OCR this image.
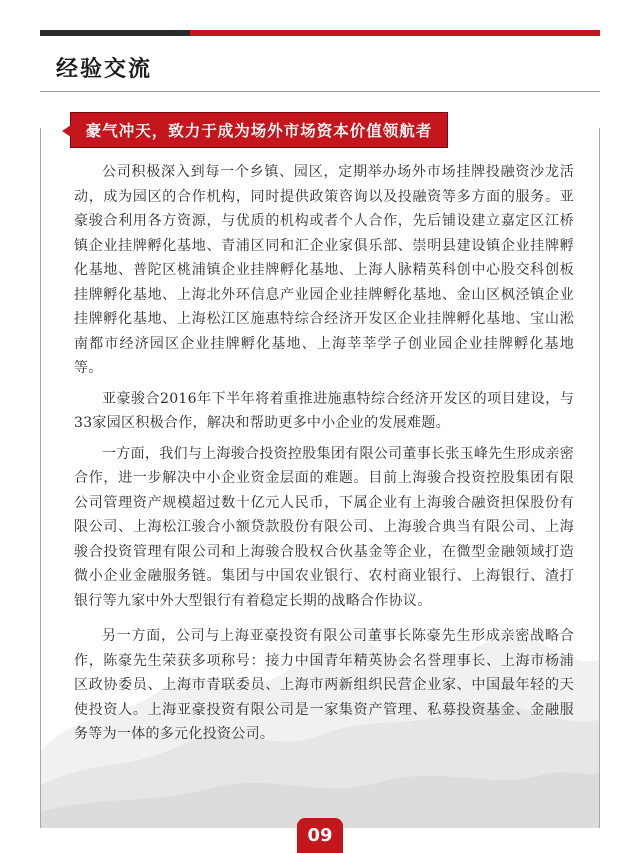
经验交流
豪气冲天，致力于成为场外市场资本价值领航者

公司积极深入到每一个乡镇、园区，定期举办场外市场挂牌投融资沙龙活动，成为园区的合作机构，同时提供政策咨询以及投融资等多方面的服务。亚豪骏合利用各方资源，与优质的机构或者个人合作，先后铺设建立嘉定区江桥镇企业挂牌孵化基地、青浦区同和汇企业家俱乐部、崇明县建设镇企业挂牌孵化基地、普陀区桃浦镇企业挂牌孵化基地、上海人脉精英科创中心股交科创板挂牌孵化基地、上海北外环信息产业园企业挂牌孵化基地、金山区枫泾镇企业挂牌孵化基地、上海松江区施惠特综合经济开发区企业挂牌孵化基地、宝山淞南都市经济园区企业挂牌孵化基地、上海莘莘学子创业园企业挂牌孵化基地等。

亚豪骏合2016年下半年将着重推进施惠特综合经济开发区的项目建设，与33家园区积极合作，解决和帮助更多中小企业的发展难题。

一方面，我们与上海骏合投资控股集团有限公司董事长张玉峰先生形成亲密合作，进一步解决中小企业资金层面的难题。目前上海骏合投资控股集团有限公司管理资产规模超过数十亿元人民币，下属企业有上海骏合融资担保股份有限公司、上海松江骏合小额贷款股份有限公司、上海骏合典当有限公司、上海骏合投资管理有限公司和上海骏合股权合伙基金等企业，在微型金融领域打造微小企业金融服务链。集团与中国农业银行、农村商业银行、上海银行、渣打银行等九家中外大型银行有着稳定长期的战略合作协议。

另一方面，公司与上海亚豪投资有限公司董事长陈豪先生形成亲密战略合作，陈豪先生荣获多项称号：接力中国青年精英协会名誉理事长、上海市杨浦区政协委员、上海市青联委员、上海市两新组织民营企业家、中国最年轻的天使投资人。上海亚豪投资有限公司是一家集资产管理、私募投资基金、金融服务等为一体的多元化投资公司。

09
